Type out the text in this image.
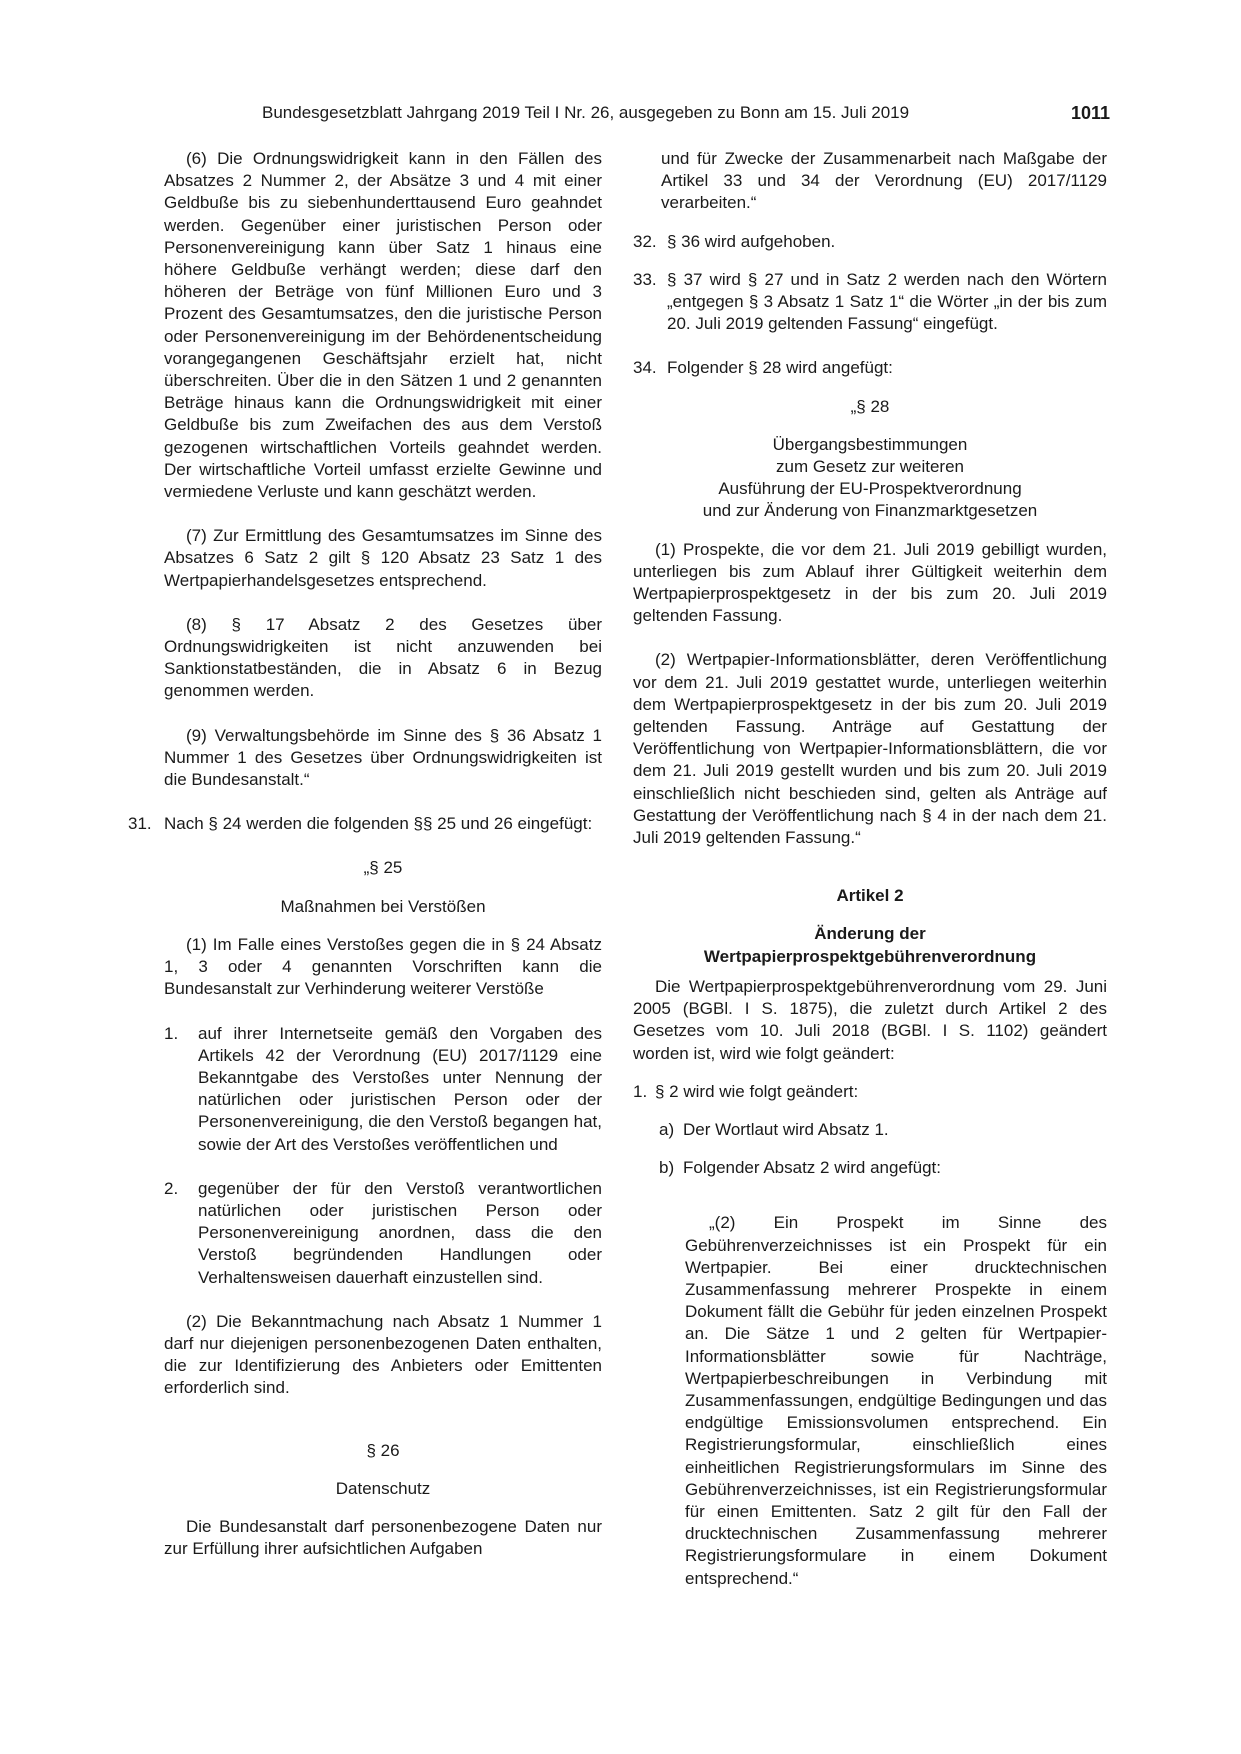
Bundesgesetzblatt Jahrgang 2019 Teil I Nr. 26, ausgegeben zu Bonn am 15. Juli 2019	1011

(6) Die Ordnungswidrigkeit kann in den Fällen des Absatzes 2 Nummer 2, der Absätze 3 und 4 mit einer Geldbuße bis zu siebenhunderttausend Euro geahndet werden. Gegenüber einer juristischen Person oder Personenvereinigung kann über Satz 1 hinaus eine höhere Geldbuße verhängt werden; diese darf den höheren der Beträge von fünf Millionen Euro und 3 Prozent des Gesamtumsatzes, den die juristische Person oder Personenvereinigung im der Behördenentscheidung vorangegangenen Geschäftsjahr erzielt hat, nicht überschreiten. Über die in den Sätzen 1 und 2 genannten Beträge hinaus kann die Ordnungswidrigkeit mit einer Geldbuße bis zum Zweifachen des aus dem Verstoß gezogenen wirtschaftlichen Vorteils geahndet werden. Der wirtschaftliche Vorteil umfasst erzielte Gewinne und vermiedene Verluste und kann geschätzt werden.

(7) Zur Ermittlung des Gesamtumsatzes im Sinne des Absatzes 6 Satz 2 gilt § 120 Absatz 23 Satz 1 des Wertpapierhandelsgesetzes entsprechend.

(8) § 17 Absatz 2 des Gesetzes über Ordnungswidrigkeiten ist nicht anzuwenden bei Sanktionstatbeständen, die in Absatz 6 in Bezug genommen werden.

(9) Verwaltungsbehörde im Sinne des § 36 Absatz 1 Nummer 1 des Gesetzes über Ordnungswidrigkeiten ist die Bundesanstalt.“

31. Nach § 24 werden die folgenden §§ 25 und 26 eingefügt:

„§ 25

Maßnahmen bei Verstößen

(1) Im Falle eines Verstoßes gegen die in § 24 Absatz 1, 3 oder 4 genannten Vorschriften kann die Bundesanstalt zur Verhinderung weiterer Verstöße

1. auf ihrer Internetseite gemäß den Vorgaben des Artikels 42 der Verordnung (EU) 2017/1129 eine Bekanntgabe des Verstoßes unter Nennung der natürlichen oder juristischen Person oder der Personenvereinigung, die den Verstoß begangen hat, sowie der Art des Verstoßes veröffentlichen und
2. gegenüber der für den Verstoß verantwortlichen natürlichen oder juristischen Person oder Personenvereinigung anordnen, dass die den Verstoß begründenden Handlungen oder Verhaltensweisen dauerhaft einzustellen sind.

(2) Die Bekanntmachung nach Absatz 1 Nummer 1 darf nur diejenigen personenbezogenen Daten enthalten, die zur Identifizierung des Anbieters oder Emittenten erforderlich sind.

§ 26

Datenschutz

Die Bundesanstalt darf personenbezogene Daten nur zur Erfüllung ihrer aufsichtlichen Aufgaben

und für Zwecke der Zusammenarbeit nach Maßgabe der Artikel 33 und 34 der Verordnung (EU) 2017/1129 verarbeiten.“

32. § 36 wird aufgehoben.
33. § 37 wird § 27 und in Satz 2 werden nach den Wörtern „entgegen § 3 Absatz 1 Satz 1“ die Wörter „in der bis zum 20. Juli 2019 geltenden Fassung“ eingefügt.
34. Folgender § 28 wird angefügt:

„§ 28

Übergangsbestimmungen

zum Gesetz zur weiteren

Ausführung der EU-Prospektverordnung

und zur Änderung von Finanzmarktgesetzen

(1) Prospekte, die vor dem 21. Juli 2019 gebilligt wurden, unterliegen bis zum Ablauf ihrer Gültigkeit weiterhin dem Wertpapierprospektgesetz in der bis zum 20. Juli 2019 geltenden Fassung.

(2) Wertpapier-Informationsblätter, deren Veröffentlichung vor dem 21. Juli 2019 gestattet wurde, unterliegen weiterhin dem Wertpapierprospektgesetz in der bis zum 20. Juli 2019 geltenden Fassung. Anträge auf Gestattung der Veröffentlichung von Wertpapier-Informationsblättern, die vor dem 21. Juli 2019 gestellt wurden und bis zum 20. Juli 2019 einschließlich nicht beschieden sind, gelten als Anträge auf Gestattung der Veröffentlichung nach § 4 in der nach dem 21. Juli 2019 geltenden Fassung.“

Artikel 2

Änderung der

Wertpapierprospektgebührenverordnung

Die Wertpapierprospektgebührenverordnung vom 29. Juni 2005 (BGBl. I S. 1875), die zuletzt durch Artikel 2 des Gesetzes vom 10. Juli 2018 (BGBl. I S. 1102) geändert worden ist, wird wie folgt geändert:

1. § 2 wird wie folgt geändert:
a) Der Wortlaut wird Absatz 1.
b) Folgender Absatz 2 wird angefügt:

„(2) Ein Prospekt im Sinne des Gebührenverzeichnisses ist ein Prospekt für ein Wertpapier. Bei einer drucktechnischen Zusammenfassung mehrerer Prospekte in einem Dokument fällt die Gebühr für jeden einzelnen Prospekt an. Die Sätze 1 und 2 gelten für Wertpapier-Informationsblätter sowie für Nachträge, Wertpapierbeschreibungen in Verbindung mit Zusammenfassungen, endgültige Bedingungen und das endgültige Emissionsvolumen entsprechend. Ein Registrierungsformular, einschließlich eines einheitlichen Registrierungsformulars im Sinne des Gebührenverzeichnisses, ist ein Registrierungsformular für einen Emittenten. Satz 2 gilt für den Fall der drucktechnischen Zusammenfassung mehrerer Registrierungsformulare in einem Dokument entsprechend.“
